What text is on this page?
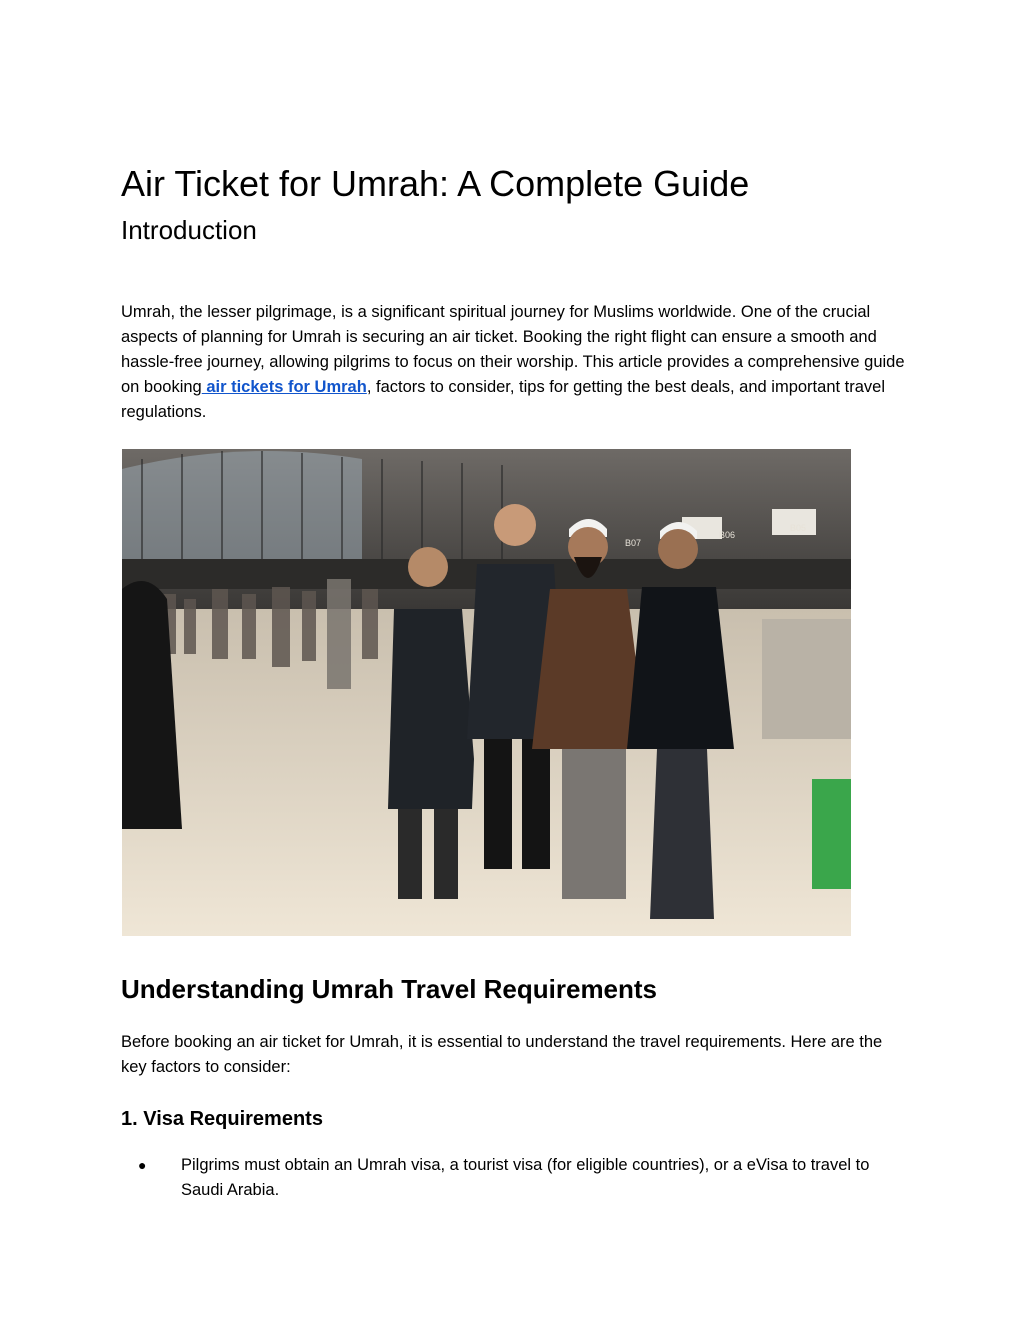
Air Ticket for Umrah: A Complete Guide
Introduction

Umrah, the lesser pilgrimage, is a significant spiritual journey for Muslims worldwide. One of the crucial aspects of planning for Umrah is securing an air ticket. Booking the right flight can ensure a smooth and hassle-free journey, allowing pilgrims to focus on their worship. This article provides a comprehensive guide on booking air tickets for Umrah, factors to consider, tips for getting the best deals, and important travel regulations.

B07
B06
B05
Understanding Umrah Travel Requirements

Before booking an air ticket for Umrah, it is essential to understand the travel requirements. Here are the key factors to consider:

1. Visa Requirements
● Pilgrims must obtain an Umrah visa, a tourist visa (for eligible countries), or a eVisa to travel to Saudi Arabia.
